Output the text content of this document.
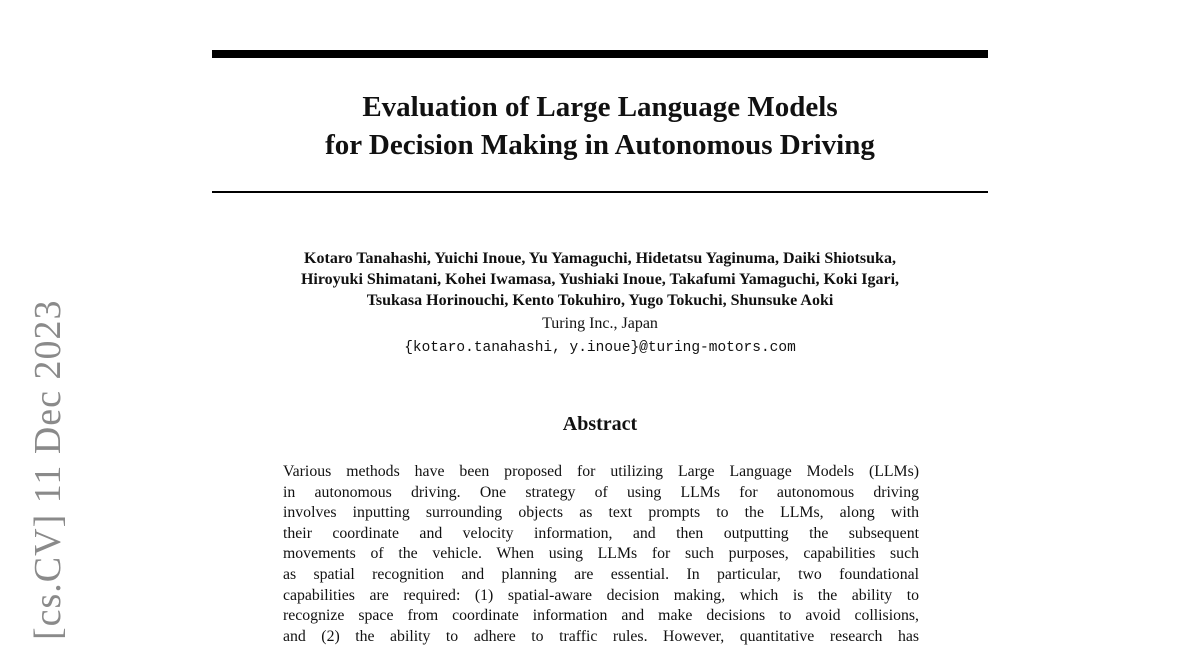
[cs.CV] 11 Dec 2023
Evaluation of Large Language Models
for Decision Making in Autonomous Driving
Kotaro Tanahashi, Yuichi Inoue, Yu Yamaguchi, Hidetatsu Yaginuma, Daiki Shiotsuka,
Hiroyuki Shimatani, Kohei Iwamasa, Yushiaki Inoue, Takafumi Yamaguchi, Koki Igari,
Tsukasa Horinouchi, Kento Tokuhiro, Yugo Tokuchi, Shunsuke Aoki
Turing Inc., Japan
{kotaro.tanahashi, y.inoue}@turing-motors.com
Abstract
Various methods have been proposed for utilizing Large Language Models (LLMs)
in autonomous driving. One strategy of using LLMs for autonomous driving
involves inputting surrounding objects as text prompts to the LLMs, along with
their coordinate and velocity information, and then outputting the subsequent
movements of the vehicle. When using LLMs for such purposes, capabilities such
as spatial recognition and planning are essential. In particular, two foundational
capabilities are required: (1) spatial-aware decision making, which is the ability to
recognize space from coordinate information and make decisions to avoid collisions,
and (2) the ability to adhere to traffic rules. However, quantitative research has
